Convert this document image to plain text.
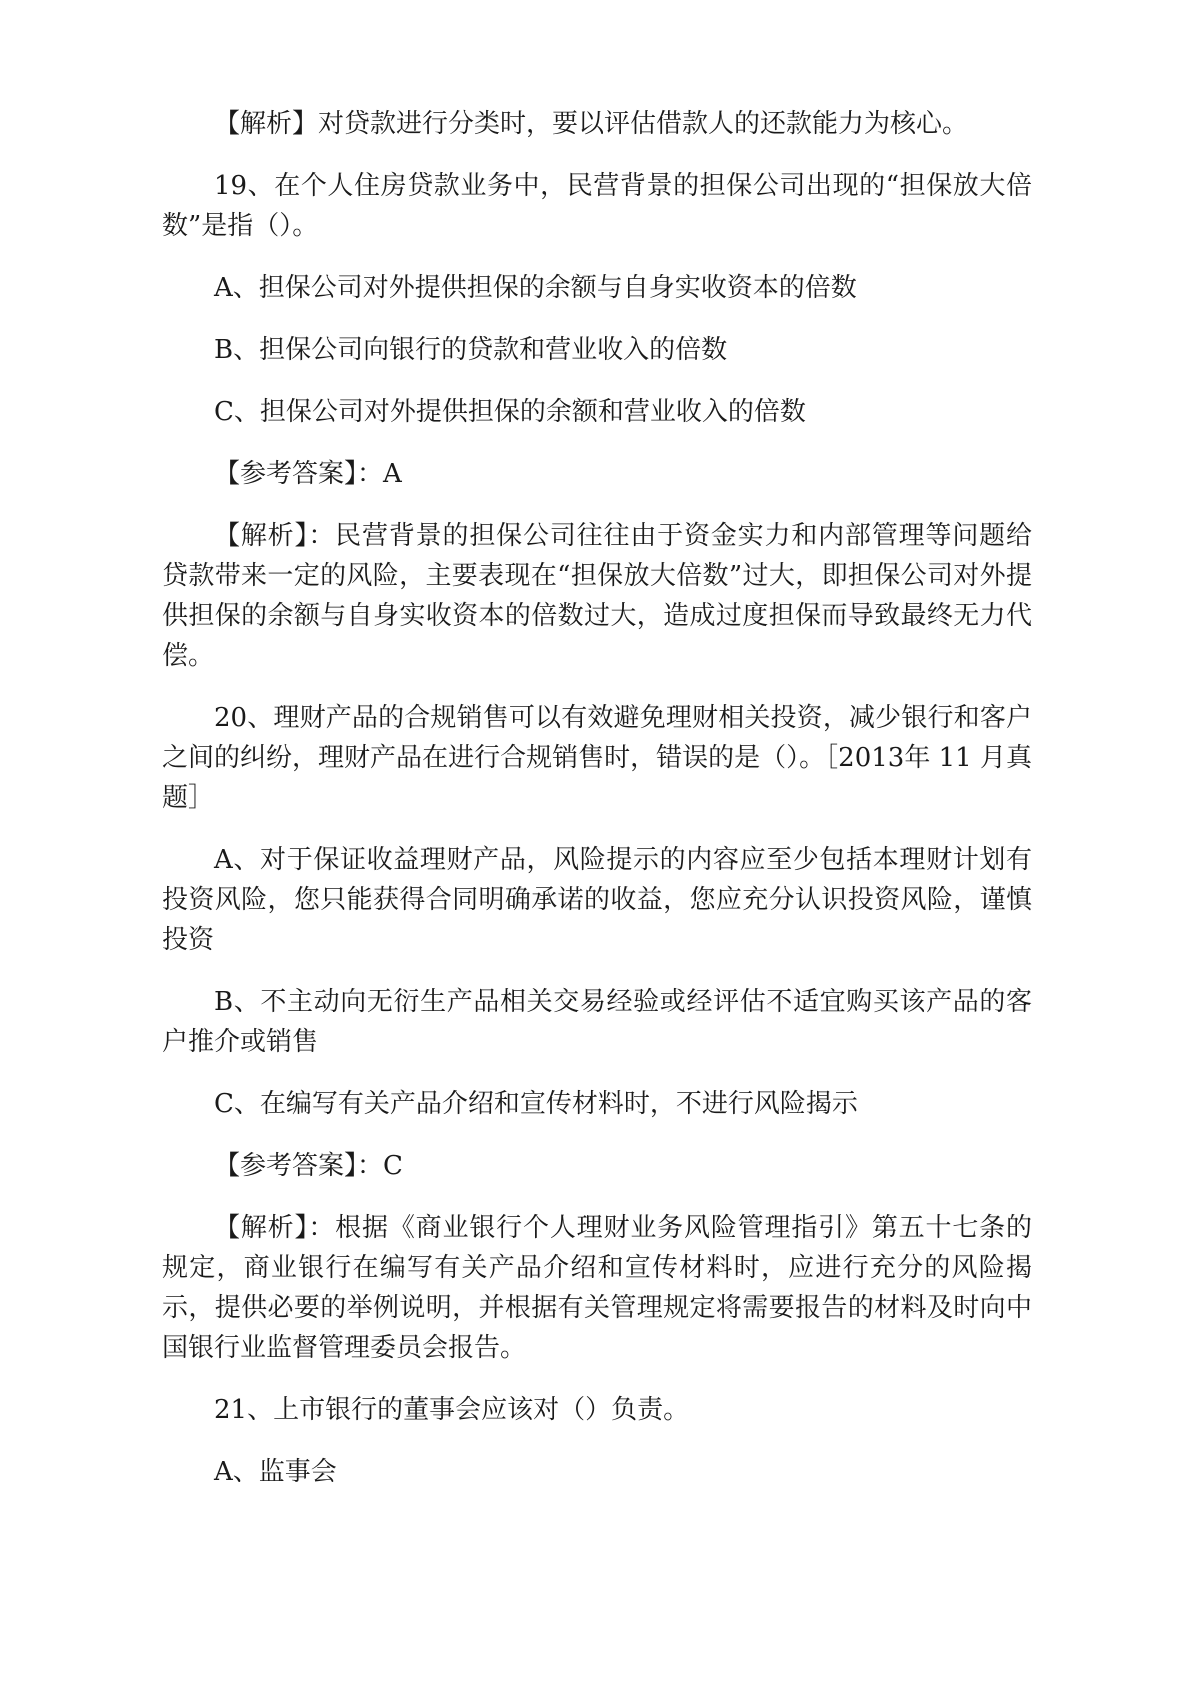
【解析】对贷款进行分类时，要以评估借款人的还款能力为核心。

19、在个人住房贷款业务中，民营背景的担保公司出现的“担保放大倍数”是指（）。

A、担保公司对外提供担保的余额与自身实收资本的倍数

B、担保公司向银行的贷款和营业收入的倍数

C、担保公司对外提供担保的余额和营业收入的倍数

【参考答案】：A

【解析】：民营背景的担保公司往往由于资金实力和内部管理等问题给贷款带来一定的风险，主要表现在“担保放大倍数”过大，即担保公司对外提供担保的余额与自身实收资本的倍数过大，造成过度担保而导致最终无力代偿。

20、理财产品的合规销售可以有效避免理财相关投资，减少银行和客户之间的纠纷，理财产品在进行合规销售时，错误的是（）。［2013年 11 月真题］

A、对于保证收益理财产品，风险提示的内容应至少包括本理财计划有投资风险，您只能获得合同明确承诺的收益，您应充分认识投资风险，谨慎投资

B、不主动向无衍生产品相关交易经验或经评估不适宜购买该产品的客户推介或销售

C、在编写有关产品介绍和宣传材料时，不进行风险揭示

【参考答案】：C

【解析】：根据《商业银行个人理财业务风险管理指引》第五十七条的规定，商业银行在编写有关产品介绍和宣传材料时，应进行充分的风险揭示，提供必要的举例说明，并根据有关管理规定将需要报告的材料及时向中国银行业监督管理委员会报告。

21、上市银行的董事会应该对（）负责。

A、监事会
